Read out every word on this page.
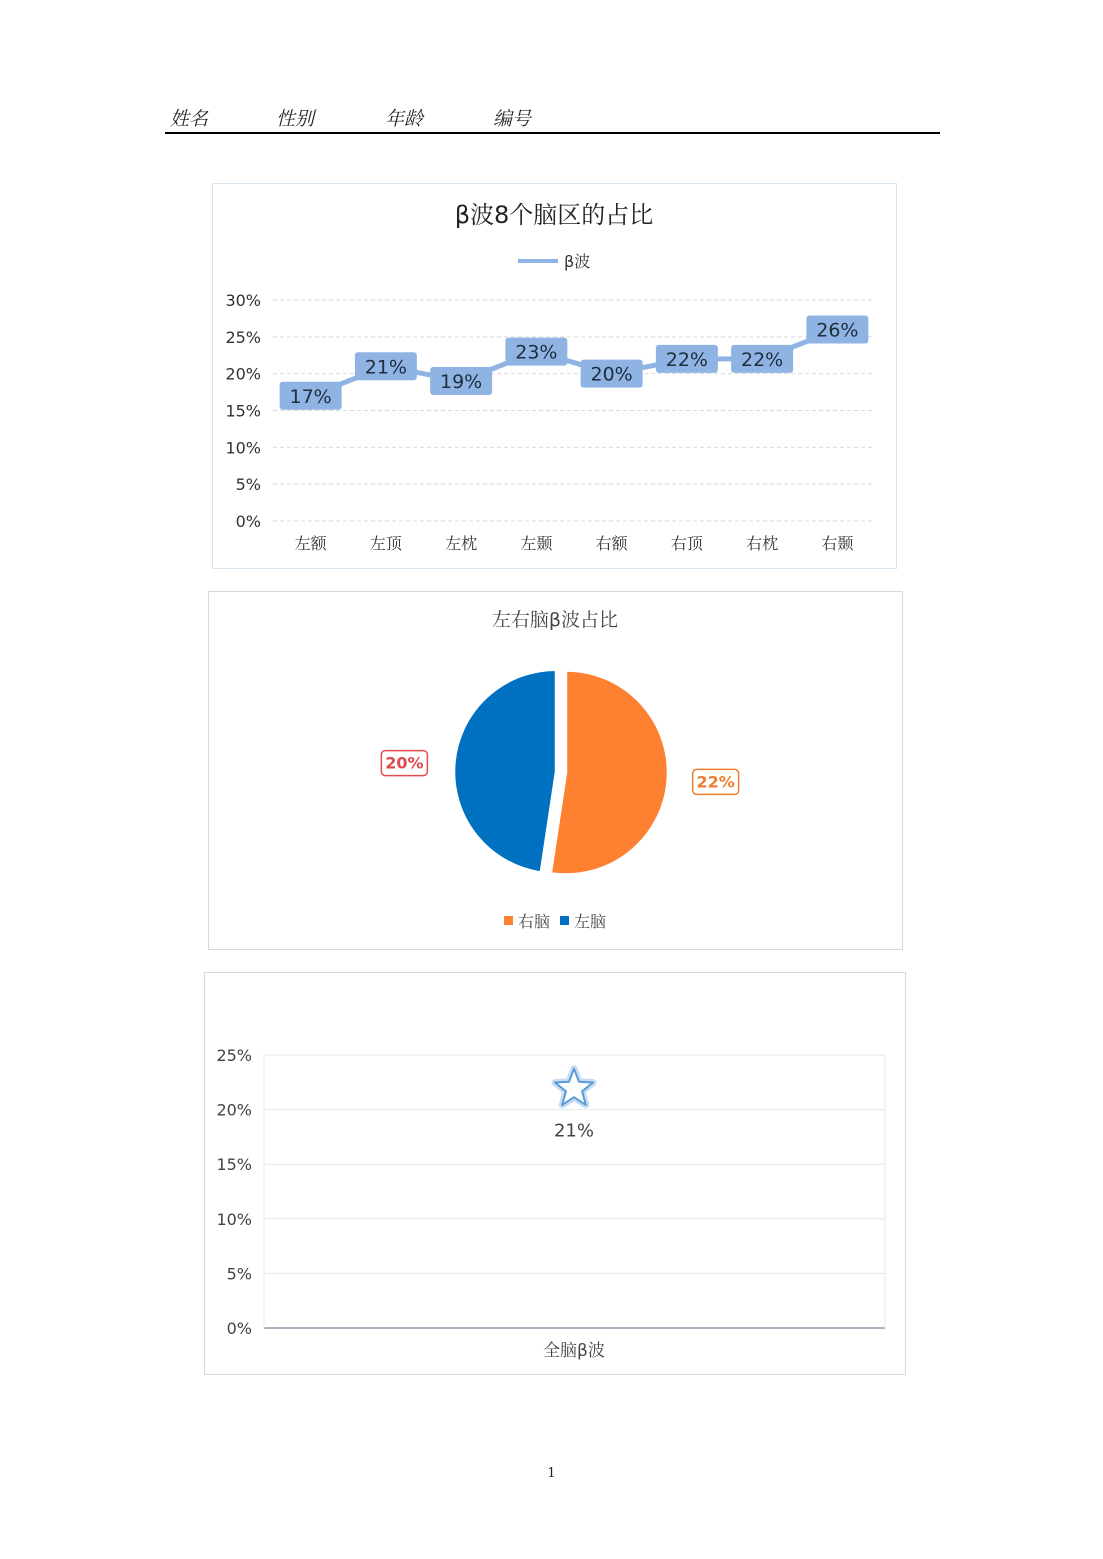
姓名	性别	年龄	编号
β波8个脑区的占比
β波
0%
5%
10%
15%
20%
25%
30%
左额	左顶	左枕	左颞	右额	右顶	右枕	右颞
17%
21%
19%
23%
20%
22% 22%
26%
左右脑β波占比
22%
20%
右脑 左脑
0%
5%
10%
15%
20%
25%
全脑β波
21%
1
